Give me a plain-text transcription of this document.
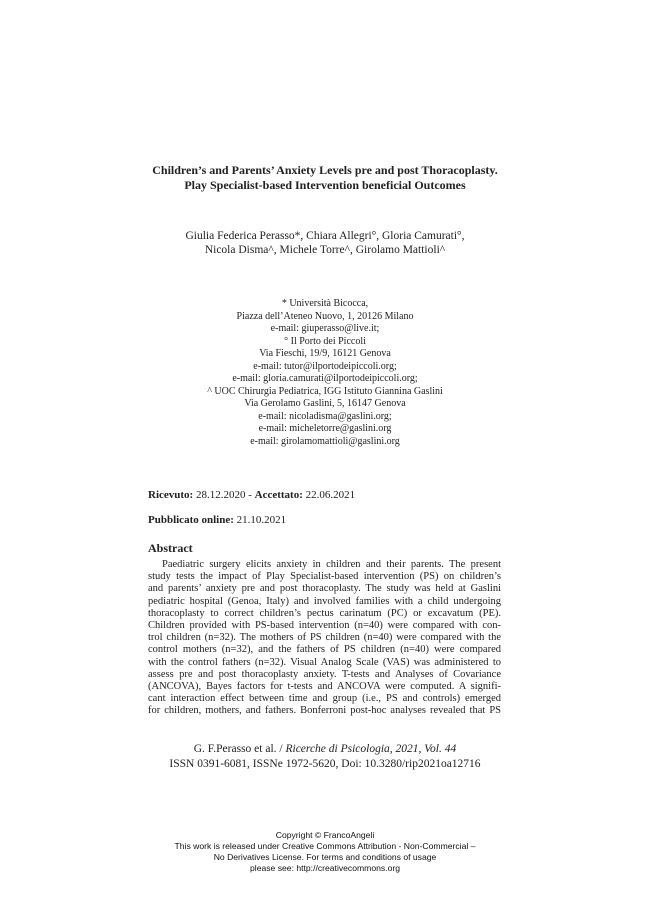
Children’s and Parents’ Anxiety Levels pre and post Thoracoplasty.
Play Specialist-based Intervention beneficial Outcomes
Giulia Federica Perasso*, Chiara Allegri°, Gloria Camurati°,
Nicola Disma^, Michele Torre^, Girolamo Mattioli^
* Università Bicocca,
Piazza dell’Ateneo Nuovo, 1, 20126 Milano
e-mail: giuperasso@live.it;
° Il Porto dei Piccoli
Via Fieschi, 19/9, 16121 Genova
e-mail: tutor@ilportodeipiccoli.org;
e-mail: gloria.camurati@ilportodeipiccoli.org;
^ UOC Chirurgia Pediatrica, IGG Istituto Giannina Gaslini
Via Gerolamo Gaslini, 5, 16147 Genova
e-mail: nicoladisma@gaslini.org;
e-mail: micheletorre@gaslini.org
e-mail: girolamomattioli@gaslini.org
Ricevuto: 28.12.2020 - Accettato: 22.06.2021
Pubblicato online: 21.10.2021
Abstract
Paediatric surgery elicits anxiety in children and their parents. The present
study tests the impact of Play Specialist-based intervention (PS) on children’s
and parents’ anxiety pre and post thoracoplasty. The study was held at Gaslini
pediatric hospital (Genoa, Italy) and involved families with a child undergoing
thoracoplasty to correct children’s pectus carinatum (PC) or excavatum (PE).
Children provided with PS-based intervention (n=40) were compared with con-
trol children (n=32). The mothers of PS children (n=40) were compared with the
control mothers (n=32), and the fathers of PS children (n=40) were compared
with the control fathers (n=32). Visual Analog Scale (VAS) was administered to
assess pre and post thoracoplasty anxiety. T-tests and Analyses of Covariance
(ANCOVA), Bayes factors for t-tests and ANCOVA were computed. A signifi-
cant interaction effect between time and group (i.e., PS and controls) emerged
for children, mothers, and fathers. Bonferroni post-hoc analyses revealed that PS
G. F.Perasso et al. / Ricerche di Psicologia, 2021, Vol. 44
ISSN 0391-6081, ISSNe 1972-5620, Doi: 10.3280/rip2021oa12716
Copyright © FrancoAngeli
This work is released under Creative Commons Attribution - Non-Commercial –
No Derivatives License. For terms and conditions of usage
please see: http://creativecommons.org
